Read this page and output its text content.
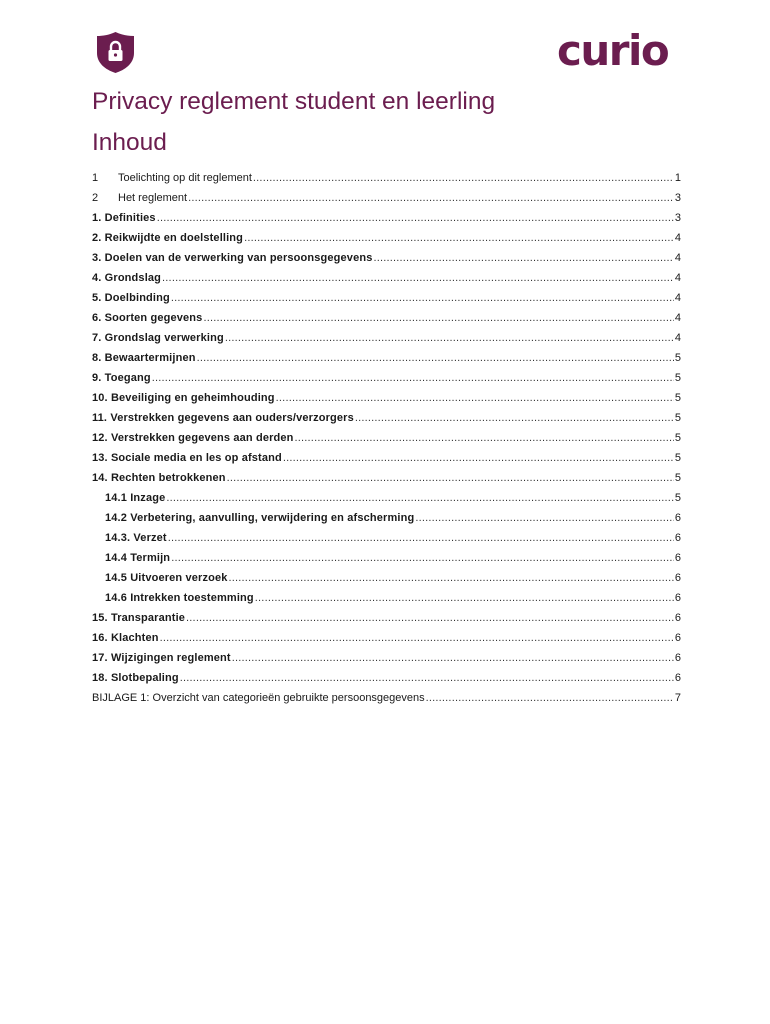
curio
Privacy reglement student en leerling
Inhoud
1	Toelichting op dit reglement .....	1
2	Het reglement .....	3
1. Definities .....	3
2. Reikwijdte en doelstelling .....	4
3. Doelen van de verwerking van persoonsgegevens .....	4
4. Grondslag .....	4
5. Doelbinding .....	4
6. Soorten gegevens .....	4
7. Grondslag verwerking .....	4
8. Bewaartermijnen .....	5
9. Toegang .....	5
10. Beveiliging en geheimhouding .....	5
11. Verstrekken gegevens aan ouders/verzorgers .....	5
12. Verstrekken gegevens aan derden .....	5
13. Sociale media en les op afstand .....	5
14. Rechten betrokkenen .....	5
14.1 Inzage .....	5
14.2 Verbetering, aanvulling, verwijdering en afscherming .....	6
14.3. Verzet .....	6
14.4 Termijn .....	6
14.5 Uitvoeren verzoek .....	6
14.6 Intrekken toestemming .....	6
15. Transparantie .....	6
16. Klachten .....	6
17. Wijzigingen reglement .....	6
18. Slotbepaling .....	6
BIJLAGE 1: Overzicht van categorieën gebruikte persoonsgegevens .....	7
